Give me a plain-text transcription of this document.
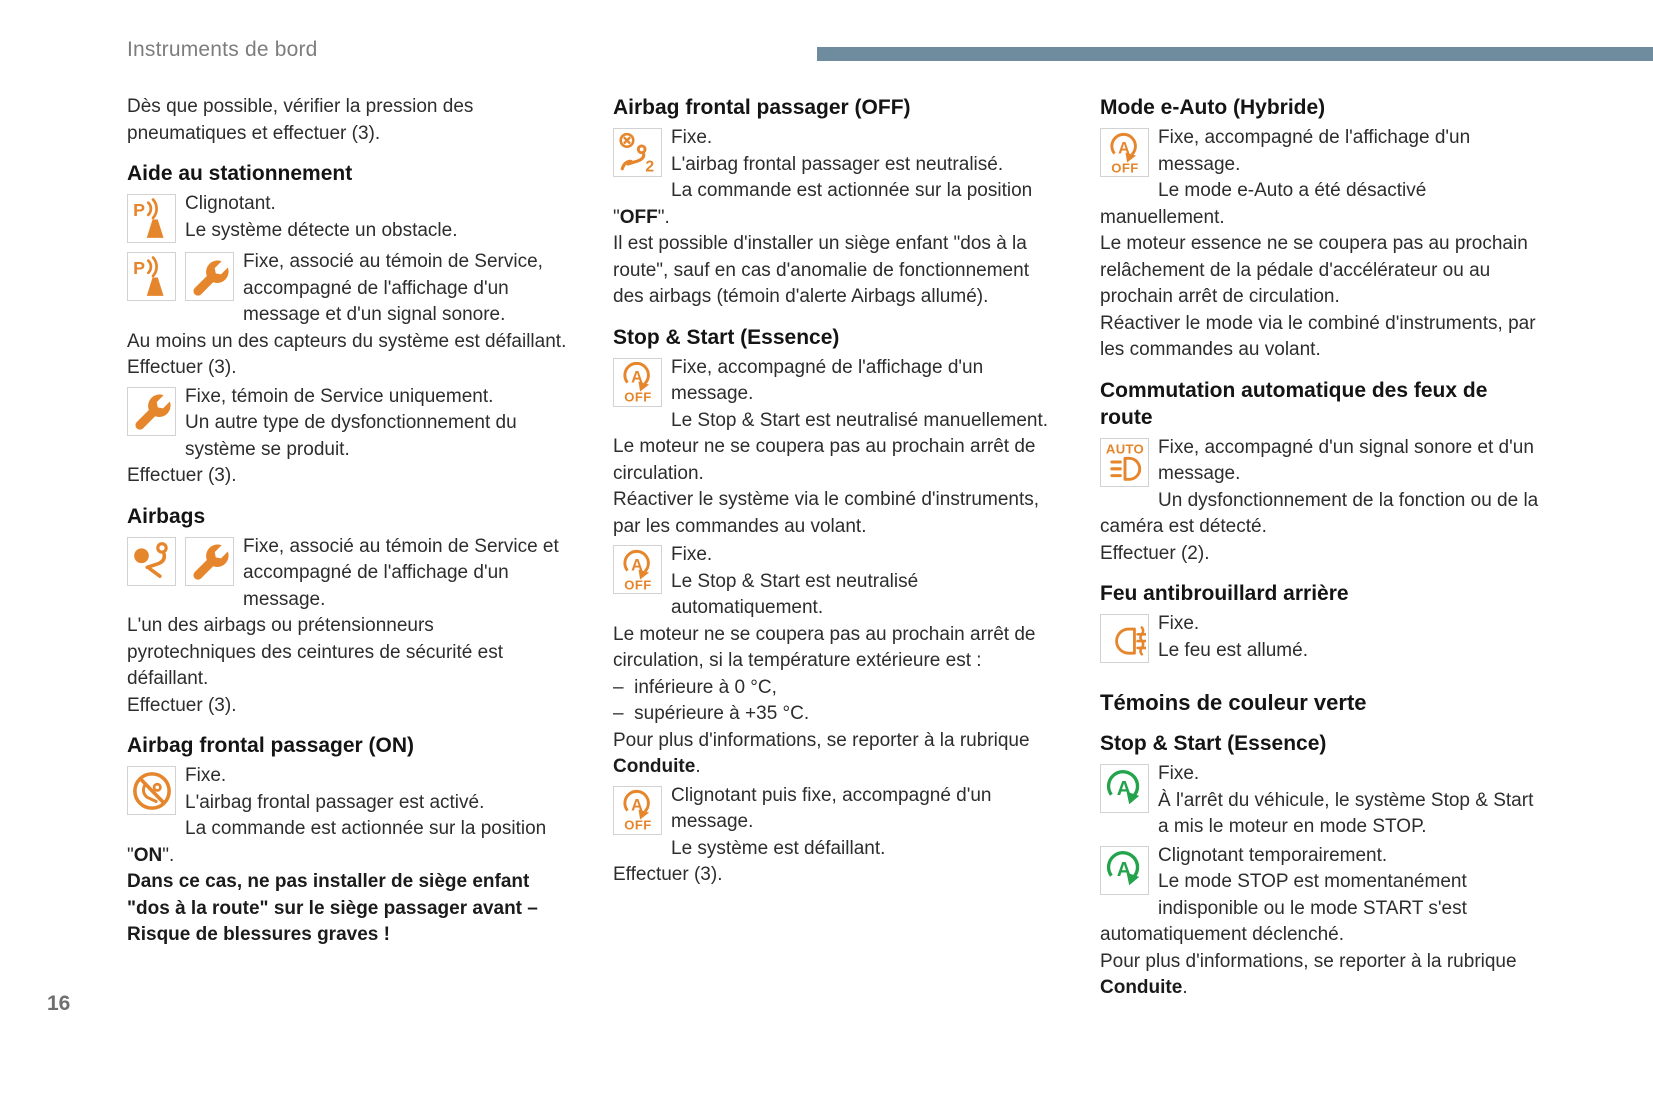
Instruments de bord
Dès que possible, vérifier la pression des pneumatiques et effectuer (3).
Aide au stationnement
P	Clignotant.
Le système détecte un obstacle.
P	Fixe, associé au témoin de Service, accompagné de l'affichage d'un message et d'un signal sonore.
Au moins un des capteurs du système est défaillant.
Effectuer (3).
Fixe, témoin de Service uniquement.
Un autre type de dysfonctionnement du système se produit.
Effectuer (3).
Airbags
Fixe, associé au témoin de Service et accompagné de l'affichage d'un message.
L'un des airbags ou prétensionneurs pyrotechniques des ceintures de sécurité est défaillant.
Effectuer (3).
Airbag frontal passager (ON)
Fixe.
L'airbag frontal passager est activé.
La commande est actionnée sur la position "ON".
Dans ce cas, ne pas installer de siège enfant "dos à la route" sur le siège passager avant – Risque de blessures graves !
Airbag frontal passager (OFF)
2
Fixe.
L'airbag frontal passager est neutralisé.
La commande est actionnée sur la position "OFF".
Il est possible d'installer un siège enfant "dos à la route", sauf en cas d'anomalie de fonctionnement des airbags (témoin d'alerte Airbags allumé).
Stop & Start (Essence)
A
OFF
Fixe, accompagné de l'affichage d'un message.
Le Stop & Start est neutralisé manuellement.
Le moteur ne se coupera pas au prochain arrêt de circulation.
Réactiver le système via le combiné d'instruments, par les commandes au volant.
A
OFF
Fixe.
Le Stop & Start est neutralisé automatiquement.
Le moteur ne se coupera pas au prochain arrêt de circulation, si la température extérieure est :
–  inférieure à 0 °C,
–  supérieure à +35 °C.
Pour plus d'informations, se reporter à la rubrique Conduite.
A
OFF
Clignotant puis fixe, accompagné d'un message.
Le système est défaillant.
Effectuer (3).
Mode e-Auto (Hybride)
A
OFF
Fixe, accompagné de l'affichage d'un message.
Le mode e-Auto a été désactivé manuellement.
Le moteur essence ne se coupera pas au prochain relâchement de la pédale d'accélérateur ou au prochain arrêt de circulation.
Réactiver le mode via le combiné d'instruments, par les commandes au volant.
Commutation automatique des feux de route
AUTO Fixe, accompagné d'un signal sonore et d'un message.
Un dysfonctionnement de la fonction ou de la caméra est détecté.
Effectuer (2).
Feu antibrouillard arrière
Fixe.
Le feu est allumé.
Témoins de couleur verte
Stop & Start (Essence)
A
Fixe.
À l'arrêt du véhicule, le système Stop & Start a mis le moteur en mode STOP.
A
Clignotant temporairement.
Le mode STOP est momentanément indisponible ou le mode START s'est automatiquement déclenché.
Pour plus d'informations, se reporter à la rubrique Conduite.
16
